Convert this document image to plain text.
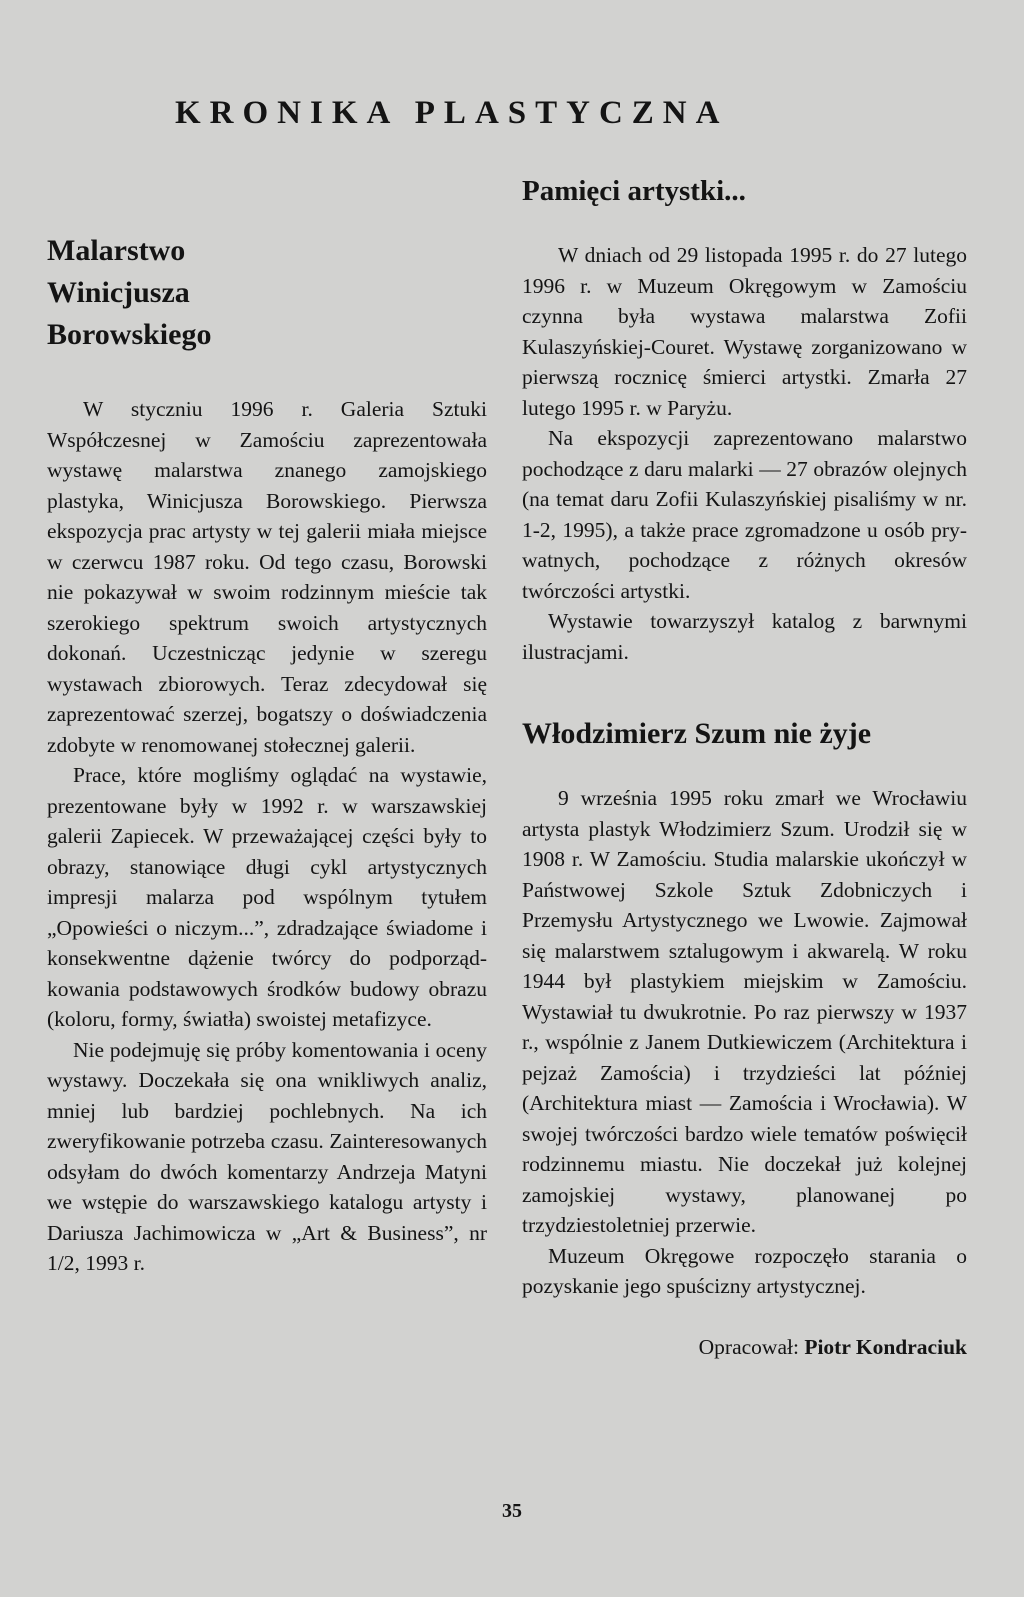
KRONIKA PLASTYCZNA
Malarstwo Winicjusza Borowskiego

W styczniu 1996 r. Galeria Sztuki Współczesnej w Zamościu zaprezentowała wystawę malarstwa znanego zamojskiego plastyka, Winicjusza Borowskiego. Pierwsza ekspozycja prac artysty w tej galerii miała miejsce w czerwcu 1987 roku. Od tego czasu, Borowski nie pokazywał w swoim rodzinnym mieście tak szerokiego spektrum swoich artystycznych dokonań. Uczestnicząc jedynie w szeregu wystawach zbiorowych. Teraz zdecydował się zaprezentować szerzej, bogatszy o doświadczenia zdobyte w renomowanej stołecznej galerii.

Prace, które mogliśmy oglądać na wystawie, prezentowane były w 1992 r. w warszawskiej galerii Zapiecek. W przeważającej części były to obrazy, stanowiące długi cykl artystycznych impresji malarza pod wspólnym tytułem „Opowieści o niczym...”, zdradzające świadome i konsekwentne dążenie twórcy do podporządkowania podstawowych środków budowy obrazu (koloru, formy, światła) swoistej metafizyce.

Nie podejmuję się próby komentowania i oceny wystawy. Doczekała się ona wnikliwych analiz, mniej lub bardziej pochlebnych. Na ich zweryfikowanie potrzeba czasu. Zainteresowanych odsyłam do dwóch komentarzy Andrzeja Matyni we wstępie do warszawskiego katalogu artysty i Dariusza Jachimowicza w „Art & Business”, nr 1/2, 1993 r.

Pamięci artystki...

W dniach od 29 listopada 1995 r. do 27 lutego 1996 r. w Muzeum Okręgowym w Zamościu czynna była wystawa malarstwa Zofii Kulaszyńskiej-Couret. Wystawę zorganizowano w pierwszą rocznicę śmierci artystki. Zmarła 27 lutego 1995 r. w Paryżu.

Na ekspozycji zaprezentowano malarstwo pochodzące z daru malarki — 27 obrazów olejnych (na temat daru Zofii Kulaszyńskiej pisaliśmy w nr. 1-2, 1995), a także prace zgromadzone u osób prywatnych, pochodzące z różnych okresów twórczości artystki.

Wystawie towarzyszył katalog z barwnymi ilustracjami.

Włodzimierz Szum nie żyje

9 września 1995 roku zmarł we Wrocławiu artysta plastyk Włodzimierz Szum. Urodził się w 1908 r. W Zamościu. Studia malarskie ukończył w Państwowej Szkole Sztuk Zdobniczych i Przemysłu Artystycznego we Lwowie. Zajmował się malarstwem sztalugowym i akwarelą. W roku 1944 był plastykiem miejskim w Zamościu. Wystawiał tu dwukrotnie. Po raz pierwszy w 1937 r., wspólnie z Janem Dutkiewiczem (Architektura i pejzaż Zamościa) i trzydzieści lat później (Architektura miast — Zamościa i Wrocławia). W swojej twórczości bardzo wiele tematów poświęcił rodzinnemu miastu. Nie doczekał już kolejnej zamojskiej wystawy, planowanej po trzydziestoletniej przerwie.

Muzeum Okręgowe rozpoczęło starania o pozyskanie jego spuścizny artystycznej.

Opracował: Piotr Kondraciuk
35
